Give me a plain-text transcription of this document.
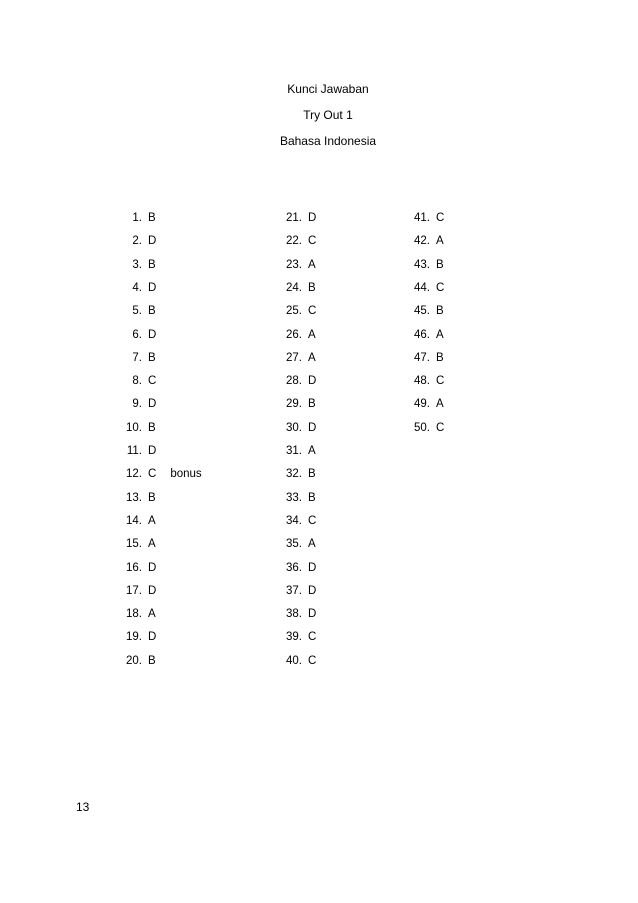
Kunci Jawaban
Try Out 1
Bahasa Indonesia
1. B
2. D
3. B
4. D
5. B
6. D
7. B
8. C
9. D
10. B
11. D
12. C bonus
13. B
14. A
15. A
16. D
17. D
18. A
19. D
20. B
21. D
22. C
23. A
24. B
25. C
26. A
27. A
28. D
29. B
30. D
31. A
32. B
33. B
34. C
35. A
36. D
37. D
38. D
39. C
40. C
41. C
42. A
43. B
44. C
45. B
46. A
47. B
48. C
49. A
50. C
13
